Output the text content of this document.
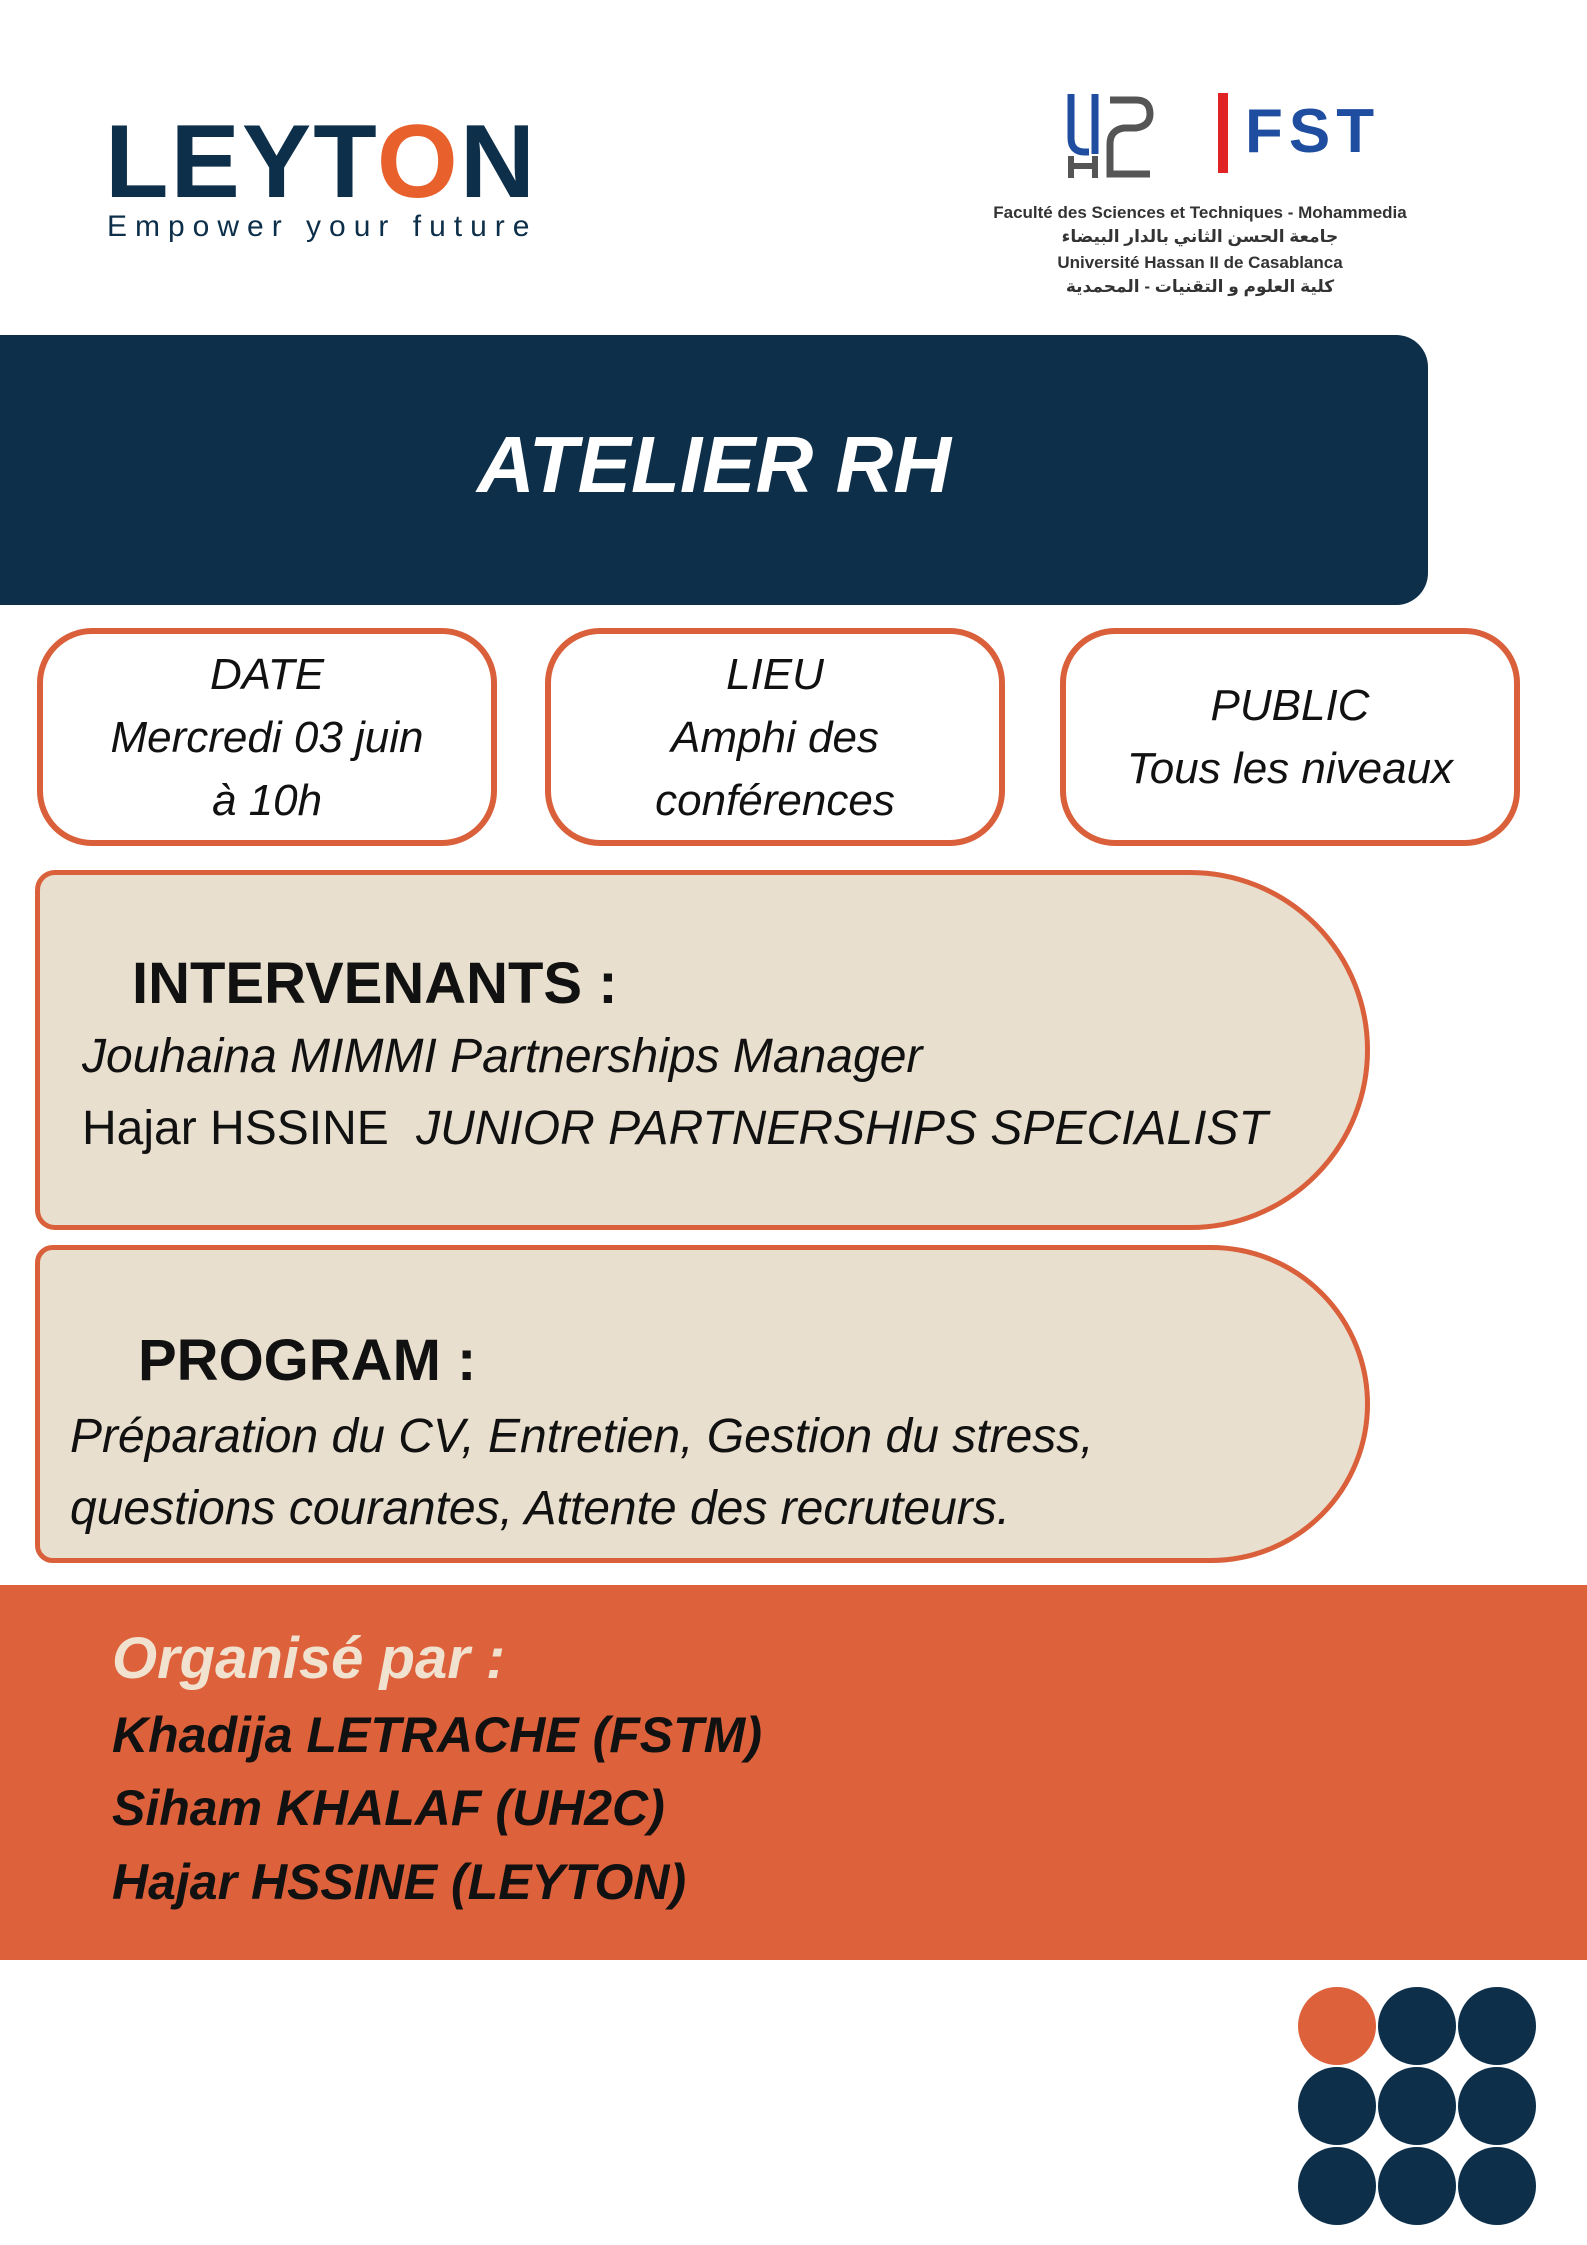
LEYTON
Empower your future
FST
Faculté des Sciences et Techniques - Mohammedia
جامعة الحسن الثاني بالدار البيضاء
Université Hassan II de Casablanca
كلية العلوم و التقنيات - المحمدية
ATELIER RH
DATE
Mercredi 03 juin
à 10h
LIEU
Amphi des
conférences
PUBLIC
Tous les niveaux
INTERVENANTS :
Jouhaina MIMMI Partnerships Manager
Hajar HSSINE JUNIOR PARTNERSHIPS SPECIALIST
PROGRAM :
Préparation du CV, Entretien, Gestion du stress,
questions courantes, Attente des recruteurs.
Organisé par :
Khadija LETRACHE (FSTM)
Siham KHALAF (UH2C)
Hajar HSSINE (LEYTON)
